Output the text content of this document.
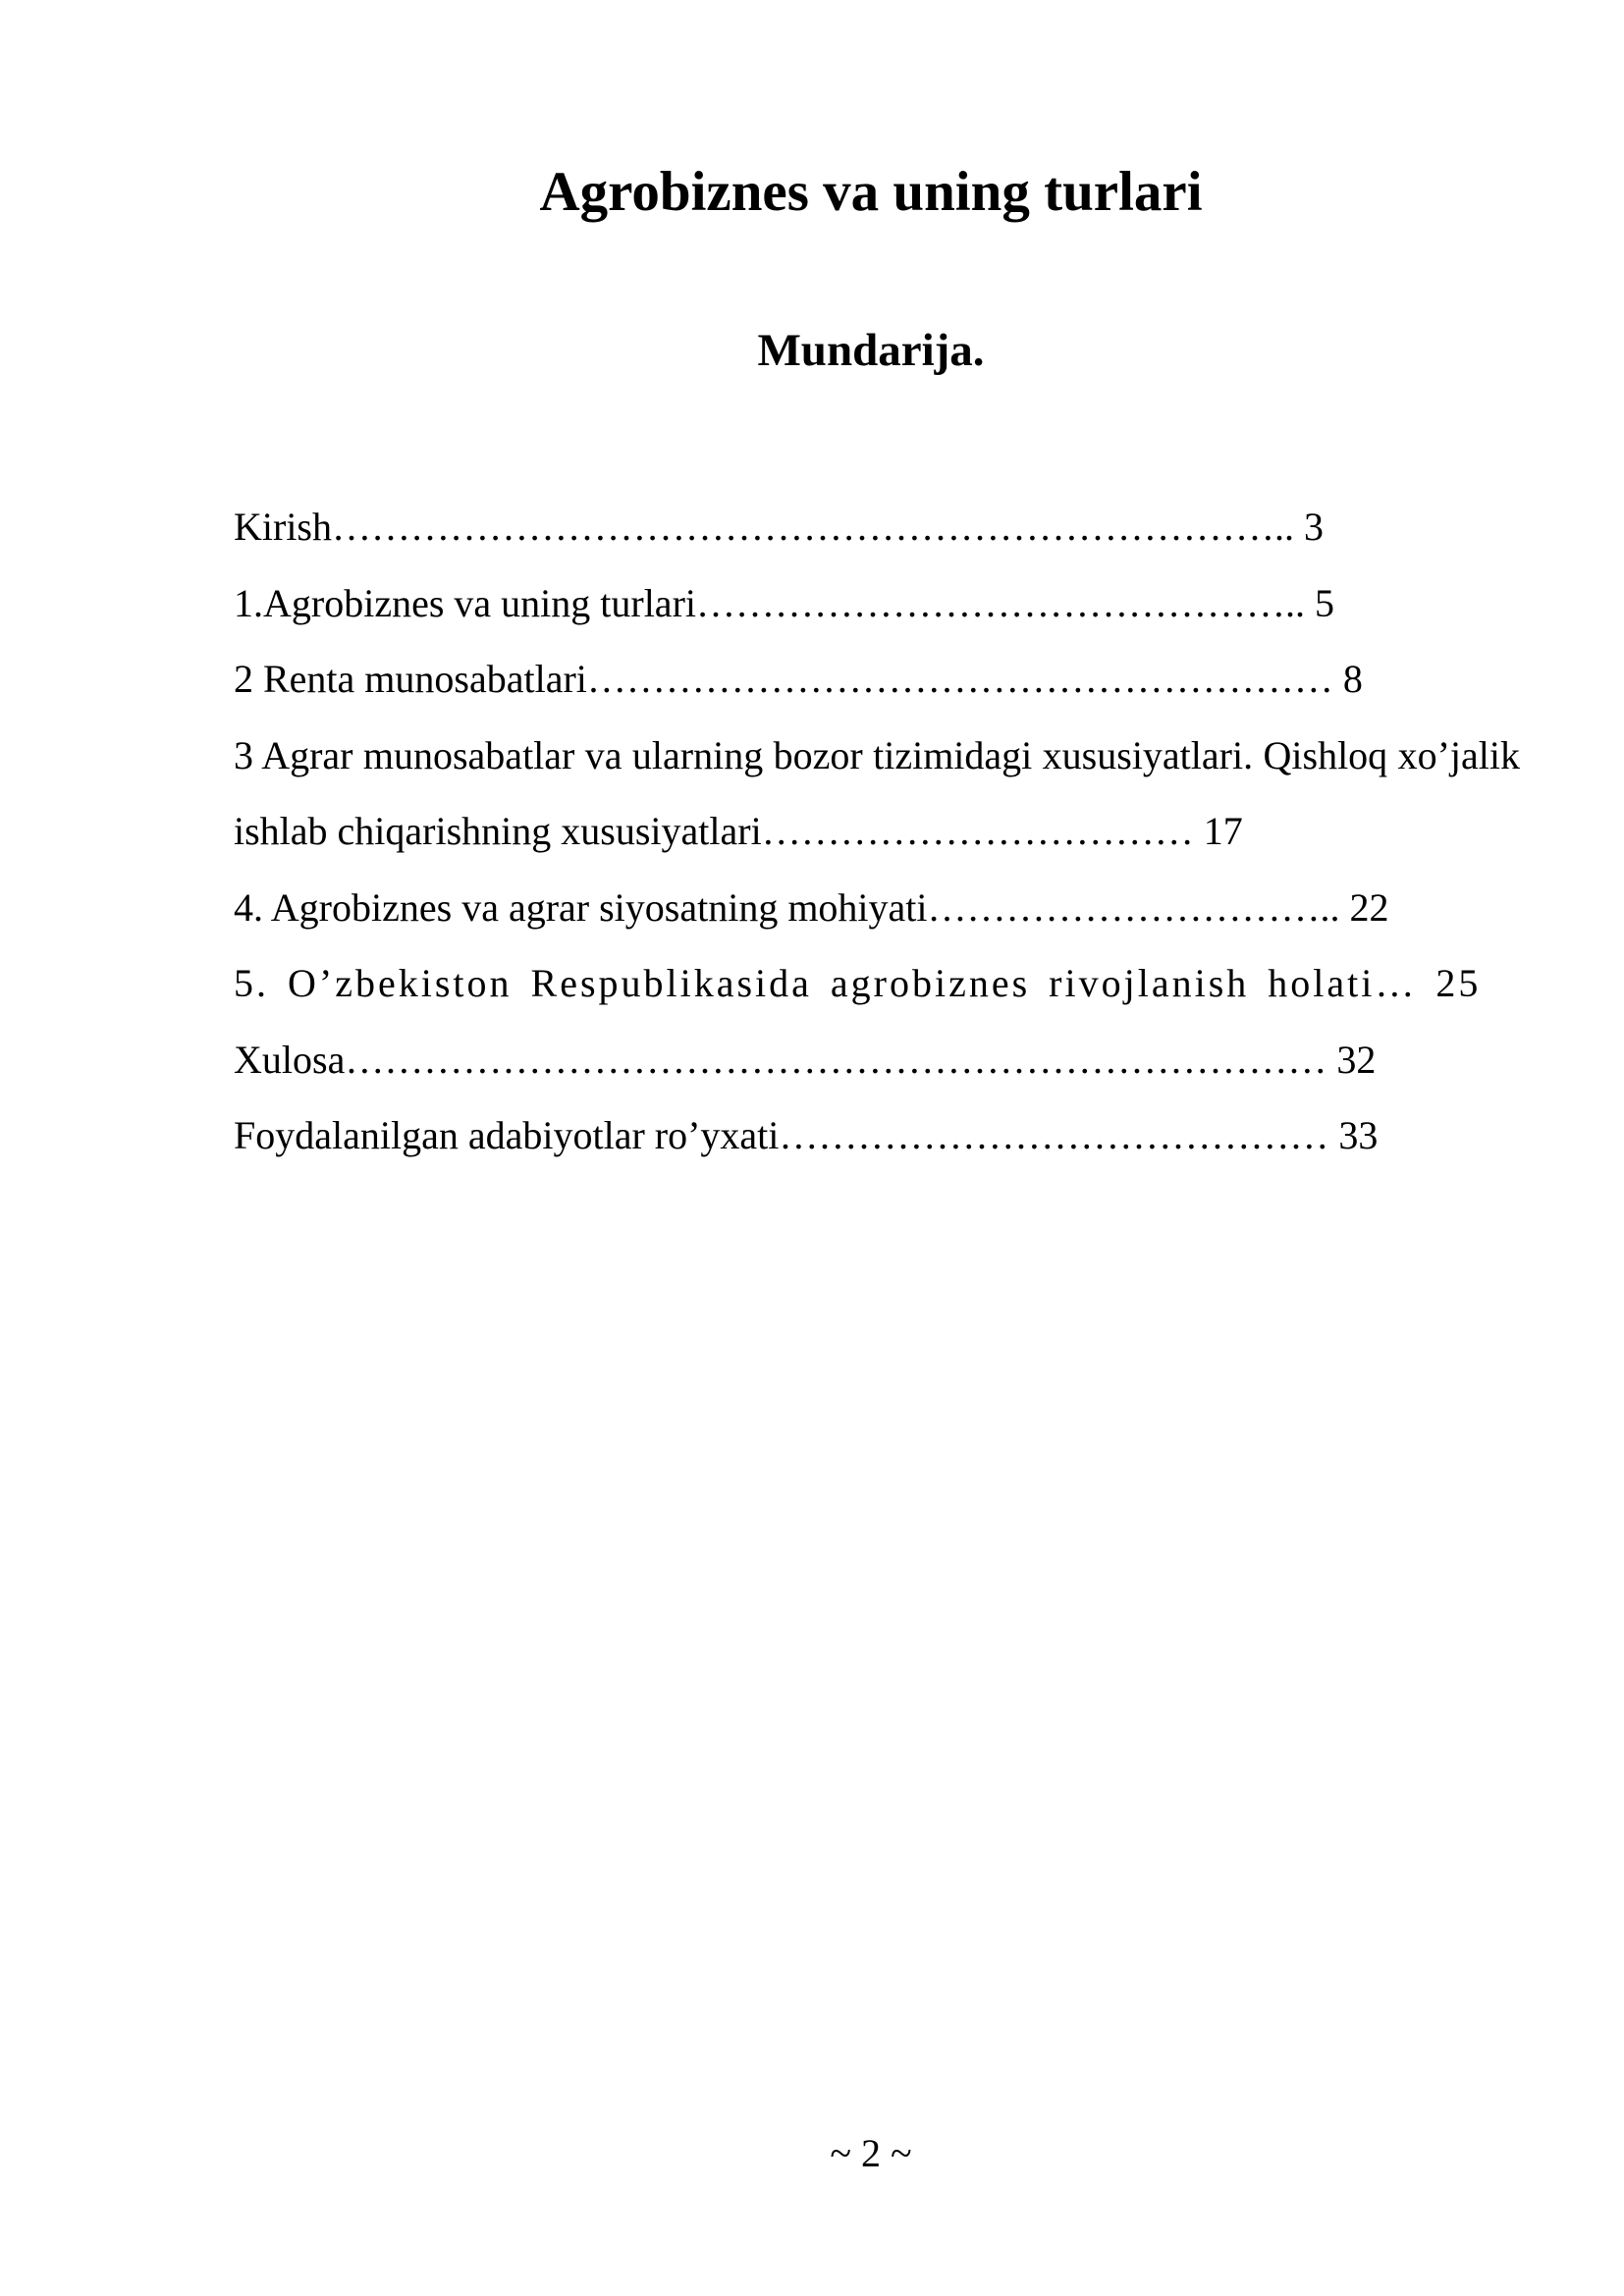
Agrobiznes va uning turlari
Mundarija.

Kirish……………………………………………………………….. 3

1.Agrobiznes va uning turlari……………………………………….. 5

2 Renta munosabatlari………………………………………………… 8

3 Agrar munosabatlar va ularning bozor tizimidagi xususiyatlari. Qishloq xo’jalik ishlab chiqarishning xususiyatlari…………………………… 17

4. Agrobiznes va agrar siyosatning mohiyati………………………….. 22

5. O’zbekiston Respublikasida agrobiznes rivojlanish holati… 25

Xulosa………………………………………………………………… 32

Foydalanilgan adabiyotlar ro’yxati…………………………………… 33

~ 2 ~
